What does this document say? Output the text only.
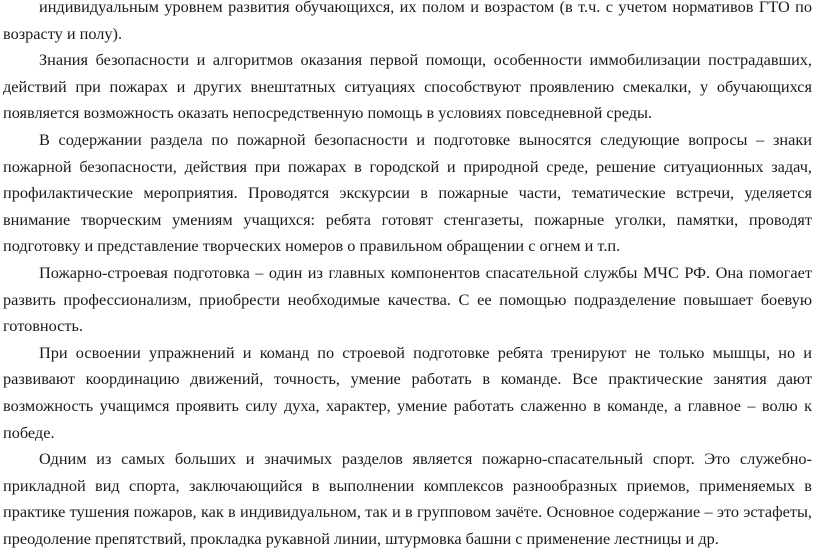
индивидуальным уровнем развития обучающихся, их полом и возрастом (в т.ч. с учетом нормативов ГТО по возрасту и полу).

Знания безопасности и алгоритмов оказания первой помощи, особенности иммобилизации пострадавших, действий при пожарах и других внештатных ситуациях способствуют проявлению смекалки, у обучающихся появляется возможность оказать непосредственную помощь в условиях повседневной среды.

В содержании раздела по пожарной безопасности и подготовке выносятся следующие вопросы – знаки пожарной безопасности, действия при пожарах в городской и природной среде, решение ситуационных задач, профилактические мероприятия. Проводятся экскурсии в пожарные части, тематические встречи, уделяется внимание творческим умениям учащихся: ребята готовят стенгазеты, пожарные уголки, памятки, проводят подготовку и представление творческих номеров о правильном обращении с огнем и т.п.

Пожарно-строевая подготовка – один из главных компонентов спасательной службы МЧС РФ. Она помогает развить профессионализм, приобрести необходимые качества. С ее помощью подразделение повышает боевую готовность.

При освоении упражнений и команд по строевой подготовке ребята тренируют не только мышцы, но и развивают координацию движений, точность, умение работать в команде. Все практические занятия дают возможность учащимся проявить силу духа, характер, умение работать слаженно в команде, а главное – волю к победе.

Одним из самых больших и значимых разделов является пожарно-спасательный спорт. Это служебно-прикладной вид спорта, заключающийся в выполнении комплексов разнообразных приемов, применяемых в практике тушения пожаров, как в индивидуальном, так и в групповом зачёте. Основное содержание – это эстафеты, преодоление препятствий, прокладка рукавной линии, штурмовка башни с применение лестницы и др.
